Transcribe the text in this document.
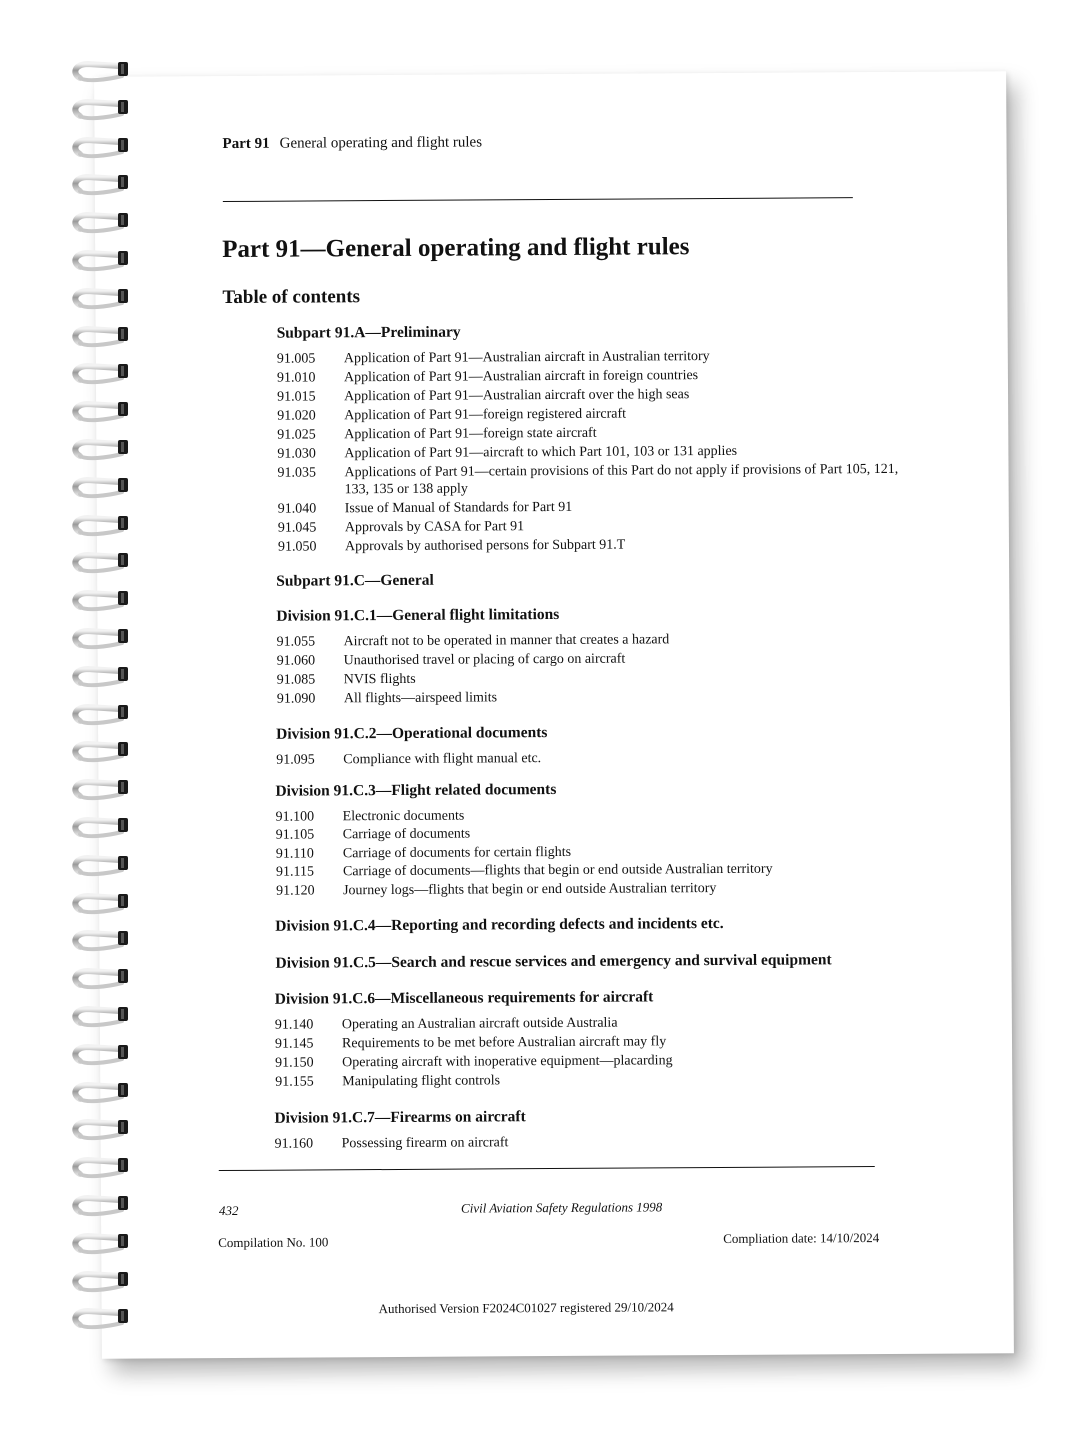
Part 91 General operating and flight rules
Part 91—General operating and flight rules
Table of contents
Subpart 91.A—Preliminary
91.005 Application of Part 91—Australian aircraft in Australian territory
91.010 Application of Part 91—Australian aircraft in foreign countries
91.015 Application of Part 91—Australian aircraft over the high seas
91.020 Application of Part 91—foreign registered aircraft
91.025 Application of Part 91—foreign state aircraft
91.030 Application of Part 91—aircraft to which Part 101, 103 or 131 applies
91.035 Applications of Part 91—certain provisions of this Part do not apply if provisions of Part 105, 121, 133, 135 or 138 apply
91.040 Issue of Manual of Standards for Part 91
91.045 Approvals by CASA for Part 91
91.050 Approvals by authorised persons for Subpart 91.T
Subpart 91.C—General
Division 91.C.1—General flight limitations
91.055 Aircraft not to be operated in manner that creates a hazard
91.060 Unauthorised travel or placing of cargo on aircraft
91.085 NVIS flights
91.090 All flights—airspeed limits
Division 91.C.2—Operational documents
91.095 Compliance with flight manual etc.
Division 91.C.3—Flight related documents
91.100 Electronic documents
91.105 Carriage of documents
91.110 Carriage of documents for certain flights
91.115 Carriage of documents—flights that begin or end outside Australian territory
91.120 Journey logs—flights that begin or end outside Australian territory
Division 91.C.4—Reporting and recording defects and incidents etc.
Division 91.C.5—Search and rescue services and emergency and survival equipment
Division 91.C.6—Miscellaneous requirements for aircraft
91.140 Operating an Australian aircraft outside Australia
91.145 Requirements to be met before Australian aircraft may fly
91.150 Operating aircraft with inoperative equipment—placarding
91.155 Manipulating flight controls
Division 91.C.7—Firearms on aircraft
91.160 Possessing firearm on aircraft
432	Civil Aviation Safety Regulations 1998
Compilation No. 100	Compliation date: 14/10/2024
Authorised Version F2024C01027 registered 29/10/2024
